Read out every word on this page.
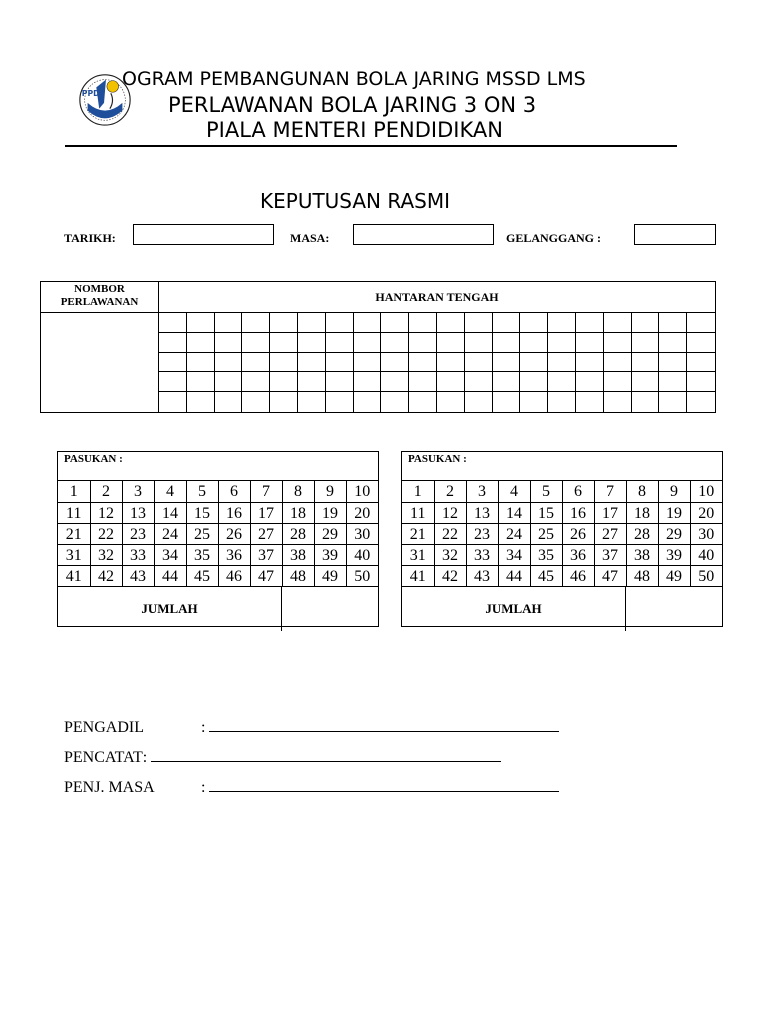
PPD
OGRAM PEMBANGUNAN BOLA JARING MSSD LMS
PERLAWANAN BOLA JARING 3 ON 3
PIALA MENTERI PENDIDIKAN
KEPUTUSAN RASMI
TARIKH:	MASA:	GELANGGANG :
NOMBOR
PERLAWANAN	HANTARAN TENGAH
PASUKAN :
1	2	3	4	5	6	7	8	9	10
11	12	13	14	15	16	17	18	19	20
21	22	23	24	25	26	27	28	29	30
31	32	33	34	35	36	37	38	39	40
41	42	43	44	45	46	47	48	49	50
JUMLAH
PASUKAN :
1	2	3	4	5	6	7	8	9	10
11	12	13	14	15	16	17	18	19	20
21	22	23	24	25	26	27	28	29	30
31	32	33	34	35	36	37	38	39	40
41	42	43	44	45	46	47	48	49	50
JUMLAH
PENGADIL	:
PENCATAT:
PENJ. MASA	:
